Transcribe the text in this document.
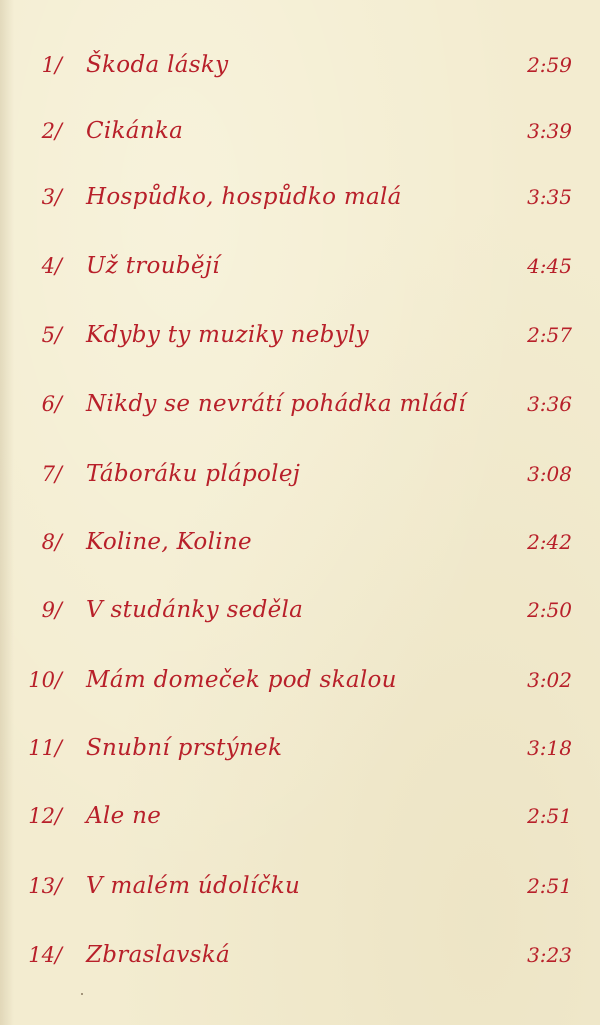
1/ Škoda lásky	2:59
2/ Cikánka	3:39
3/ Hospůdko, hospůdko malá	3:35
4/ Už troubějí	4:45
5/ Kdyby ty muziky nebyly	2:57
6/ Nikdy se nevrátí pohádka mládí	3:36
7/ Táboráku plápolej	3:08
8/ Koline, Koline	2:42
9/ V studánky seděla	2:50
10/ Mám domeček pod skalou	3:02
11/ Snubní prstýnek	3:18
12/ Ale ne	2:51
13/ V malém údolíčku	2:51
14/ Zbraslavská	3:23
